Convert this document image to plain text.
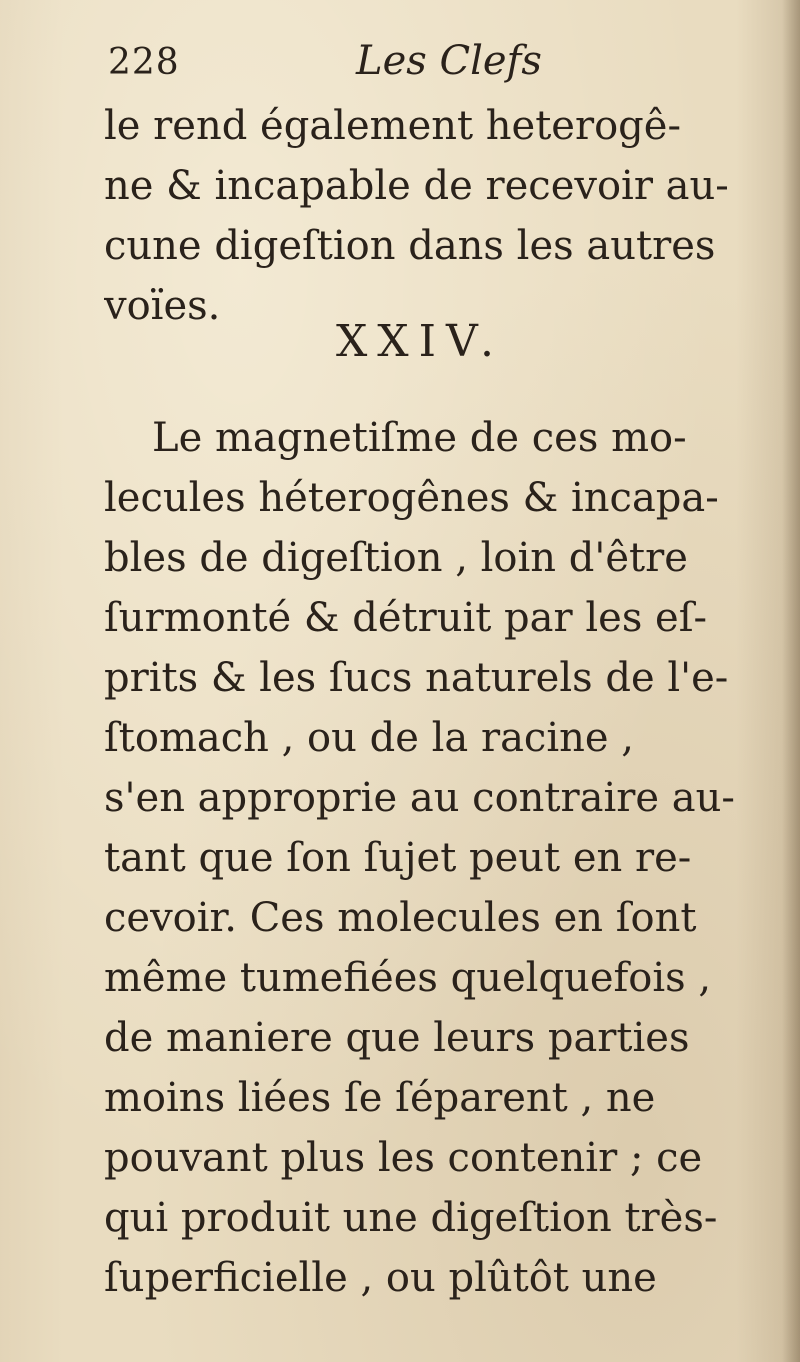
228	Les Clefs
le rend également heterogê-
ne & incapable de recevoir au-
cune digeſtion dans les autres
voïes.
XXIV.
Le magnetiſme de ces mo-
lecules héterogênes & incapa-
bles de digeſtion , loin d'être
ſurmonté & détruit par les eſ-
prits & les ſucs naturels de l'e-
ſtomach , ou de la racine ,
s'en approprie au contraire au-
tant que ſon ſujet peut en re-
cevoir. Ces molecules en ſont
même tumefiées quelquefois ,
de maniere que leurs parties
moins liées ſe ſéparent , ne
pouvant plus les contenir ; ce
qui produit une digeſtion très-
ſuperficielle , ou plûtôt une
